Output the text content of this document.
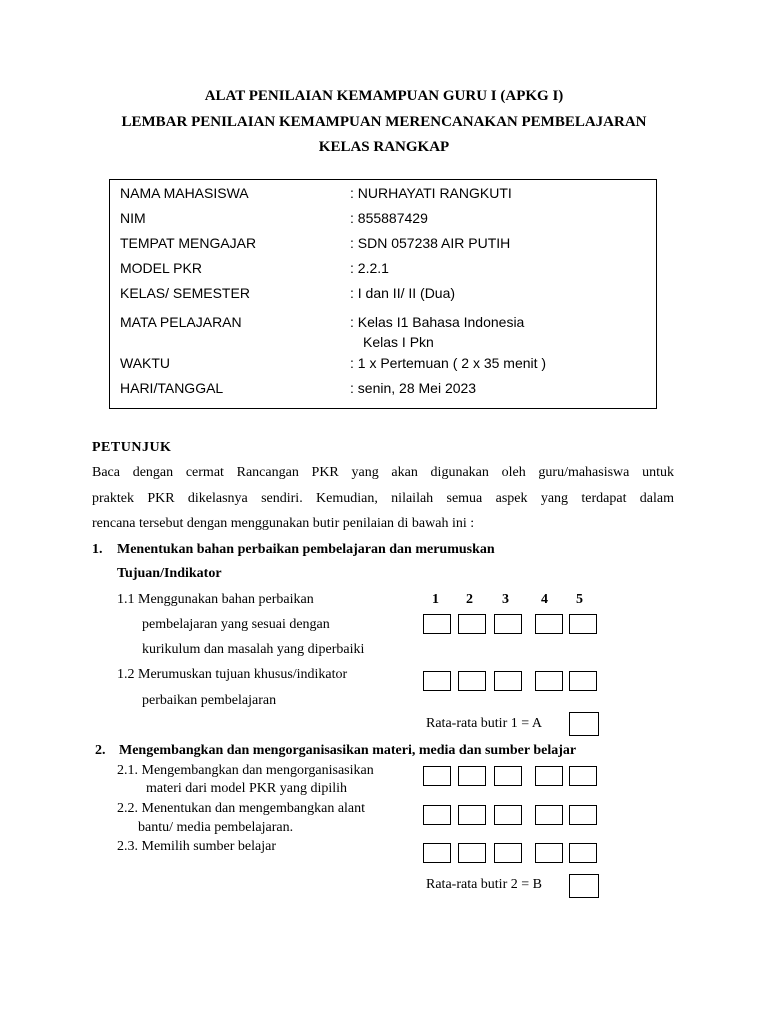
ALAT PENILAIAN KEMAMPUAN GURU I (APKG I)
LEMBAR PENILAIAN KEMAMPUAN MERENCANAKAN PEMBELAJARAN
KELAS RANGKAP
NAMA MAHASISWA	: NURHAYATI RANGKUTI
NIM	: 855887429
TEMPAT MENGAJAR	: SDN 057238 AIR PUTIH
MODEL PKR	: 2.2.1
KELAS/ SEMESTER	: I dan II/ II (Dua)
MATA PELAJARAN	: Kelas I1 Bahasa Indonesia
Kelas I Pkn
WAKTU	: 1 x Pertemuan ( 2 x 35 menit )
HARI/TANGGAL	: senin, 28 Mei 2023
PETUNJUK
Baca dengan cermat Rancangan PKR yang akan digunakan oleh guru/mahasiswa untuk
praktek PKR dikelasnya sendiri. Kemudian, nilailah semua aspek yang terdapat dalam
rencana tersebut dengan menggunakan butir penilaian di bawah ini :
1. Menentukan bahan perbaikan pembelajaran dan merumuskan
Tujuan/Indikator
1 2 3 4 5
1.1 Menggunakan bahan perbaikan
pembelajaran yang sesuai dengan
kurikulum dan masalah yang diperbaiki
1.2 Merumuskan tujuan khusus/indikator
perbaikan pembelajaran
Rata-rata butir 1 = A
2. Mengembangkan dan mengorganisasikan materi, media dan sumber belajar
2.1. Mengembangkan dan mengorganisasikan
materi dari model PKR yang dipilih
2.2. Menentukan dan mengembangkan alant
bantu/ media pembelajaran.
2.3. Memilih sumber belajar
Rata-rata butir 2 = B
